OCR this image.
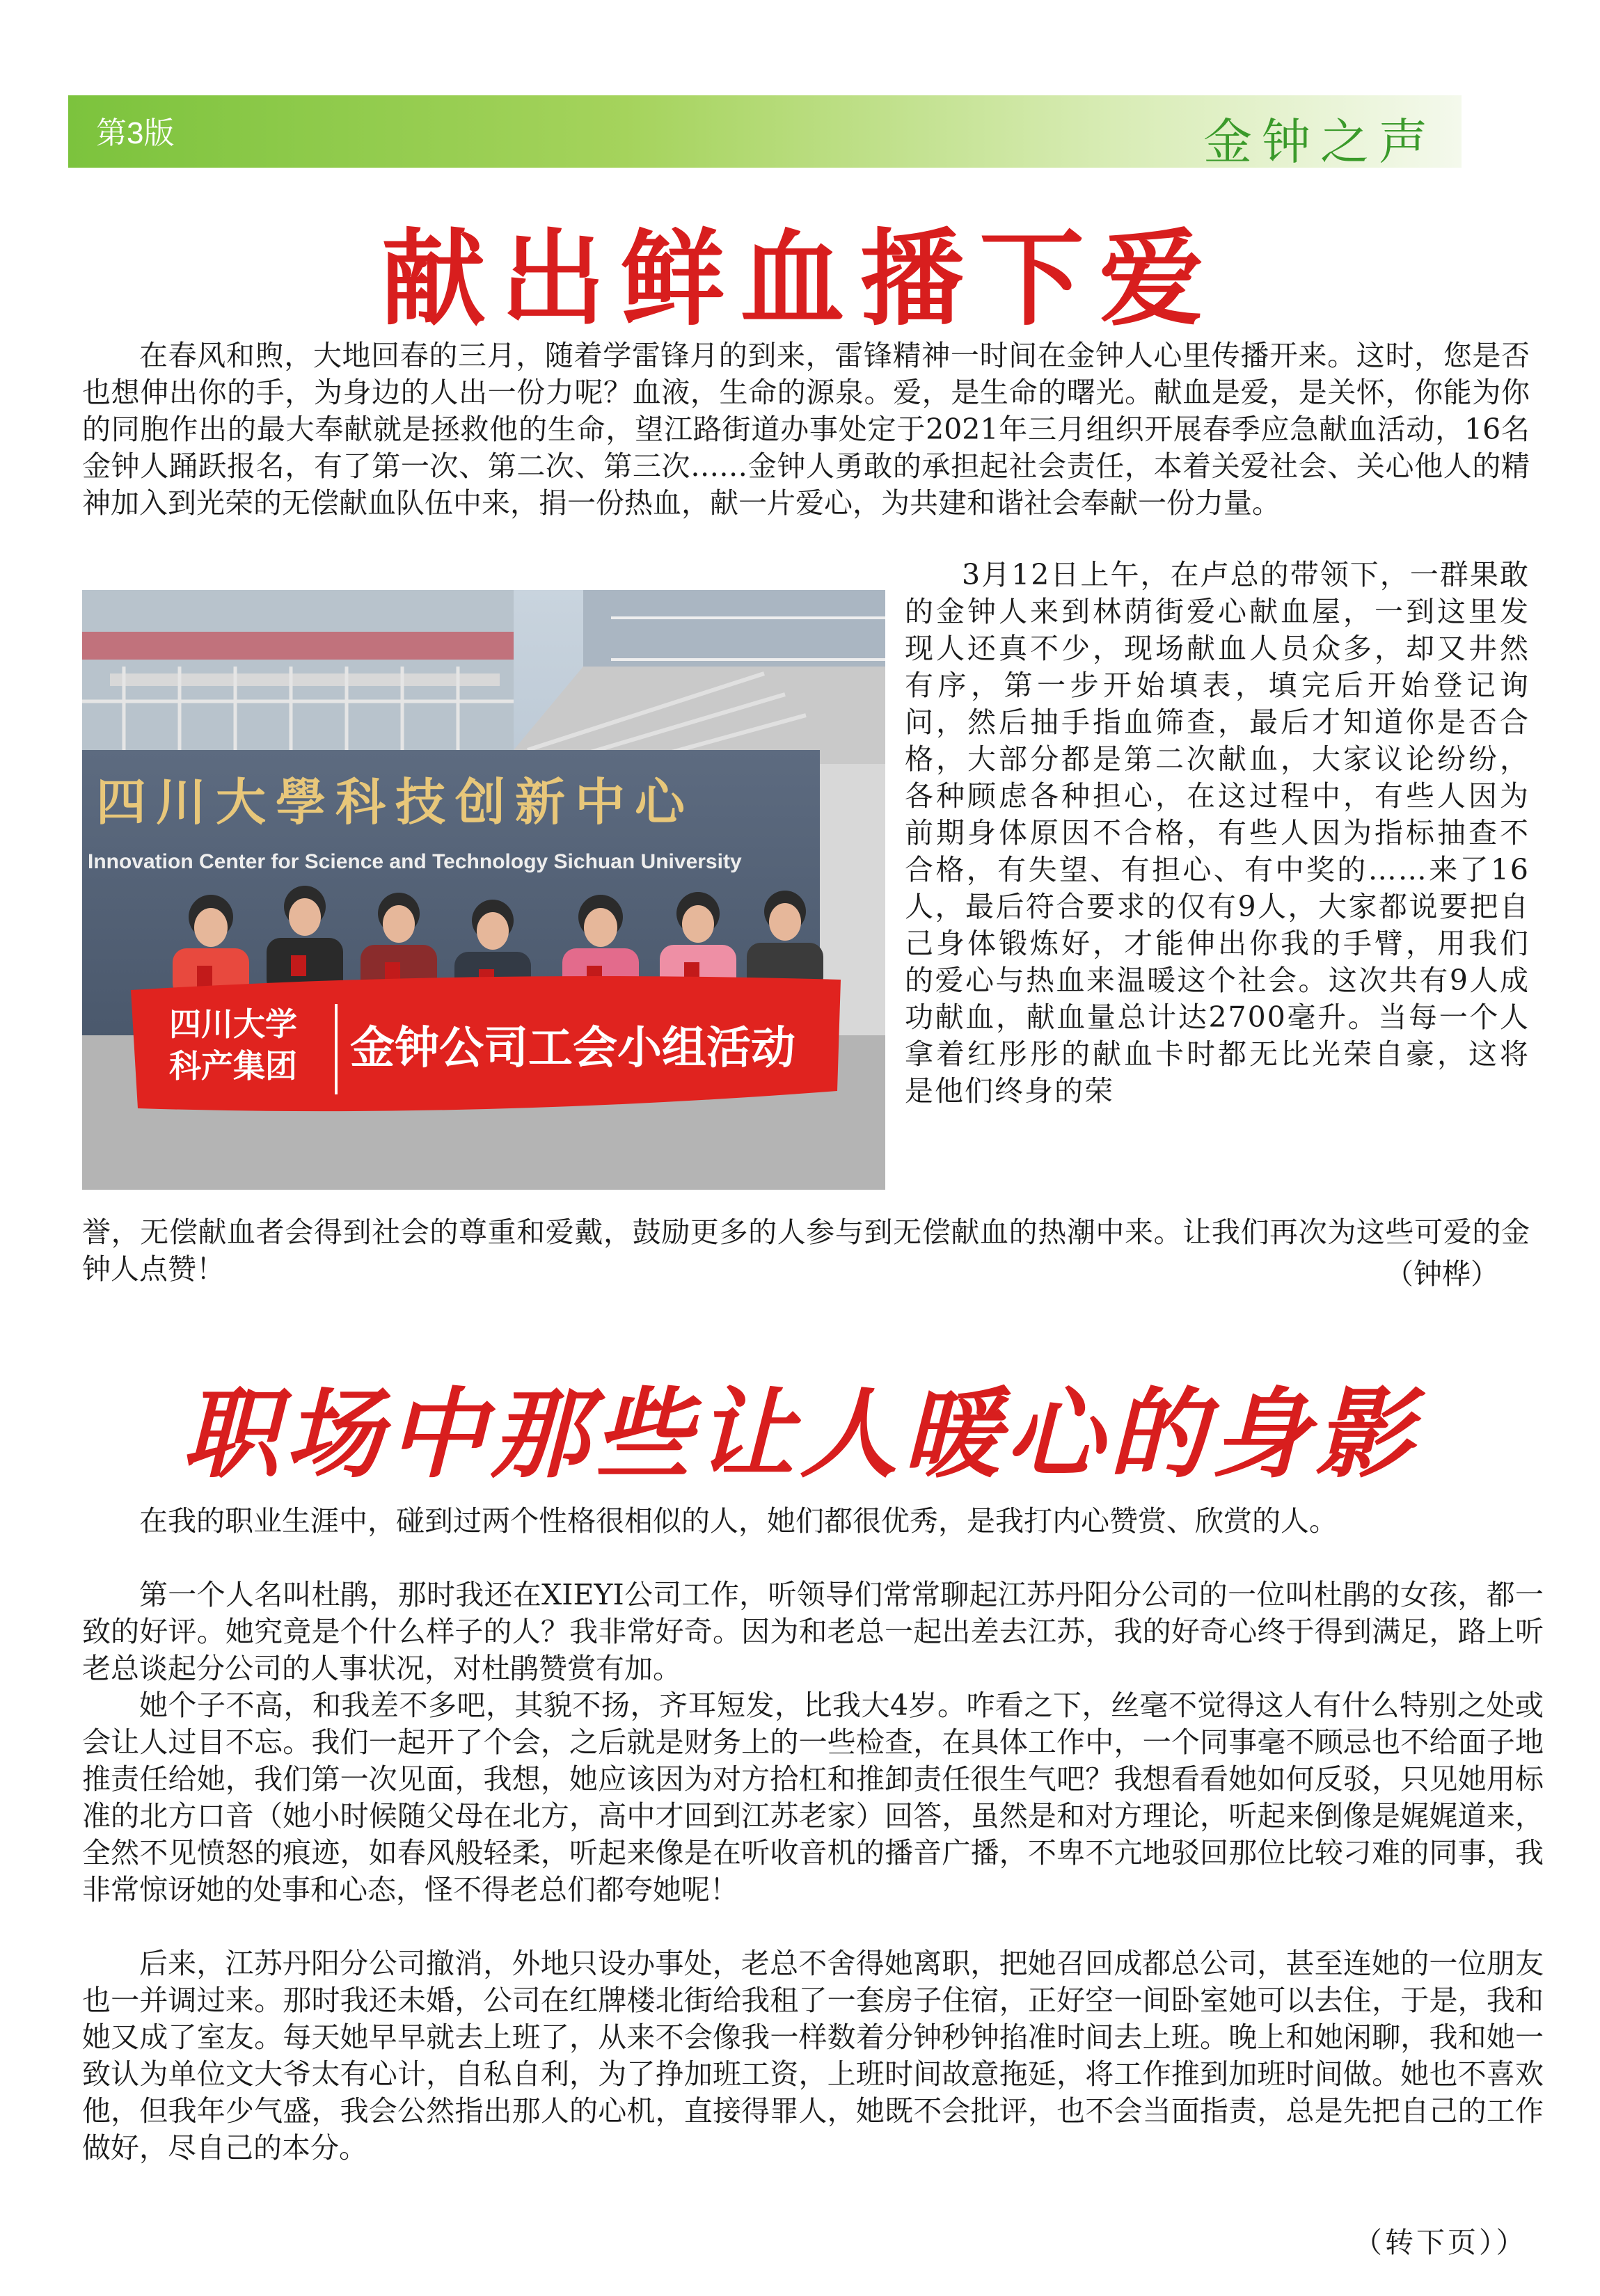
第3版	金钟之声
献出鲜血播下爱

在春风和煦，大地回春的三月，随着学雷锋月的到来，雷锋精神一时间在金钟人心里传播开来。这时，您是否也想伸出你的手，为身边的人出一份力呢？血液，生命的源泉。爱，是生命的曙光。献血是爱，是关怀，你能为你的同胞作出的最大奉献就是拯救他的生命，望江路街道办事处定于2021年三月组织开展春季应急献血活动，16名金钟人踊跃报名，有了第一次、第二次、第三次……金钟人勇敢的承担起社会责任，本着关爱社会、关心他人的精神加入到光荣的无偿献血队伍中来，捐一份热血，献一片爱心，为共建和谐社会奉献一份力量。

四川大學科技创新中心
Innovation Center for Science and Technology Sichuan University
四川大学
科产集团 金钟公司工会小组活动

3月12日上午，在卢总的带领下，一群果敢的金钟人来到林荫街爱心献血屋，一到这里发现人还真不少，现场献血人员众多，却又井然有序，第一步开始填表，填完后开始登记询问，然后抽手指血筛查，最后才知道你是否合格，大部分都是第二次献血，大家议论纷纷，各种顾虑各种担心，在这过程中，有些人因为前期身体原因不合格，有些人因为指标抽查不合格，有失望、有担心、有中奖的……来了16人，最后符合要求的仅有9人，大家都说要把自己身体锻炼好，才能伸出你我的手臂，用我们的爱心与热血来温暖这个社会。这次共有9人成功献血，献血量总计达2700毫升。当每一个人拿着红彤彤的献血卡时都无比光荣自豪，这将是他们终身的荣

誉，无偿献血者会得到社会的尊重和爱戴，鼓励更多的人参与到无偿献血的热潮中来。让我们再次为这些可爱的金钟人点赞！	（钟桦）
职场中那些让人暖心的身影

在我的职业生涯中，碰到过两个性格很相似的人，她们都很优秀，是我打内心赞赏、欣赏的人。

第一个人名叫杜鹃，那时我还在XIEYI公司工作，听领导们常常聊起江苏丹阳分公司的一位叫杜鹃的女孩，都一致的好评。她究竟是个什么样子的人？我非常好奇。因为和老总一起出差去江苏，我的好奇心终于得到满足，路上听老总谈起分公司的人事状况，对杜鹃赞赏有加。

她个子不高，和我差不多吧，其貌不扬，齐耳短发，比我大4岁。咋看之下，丝毫不觉得这人有什么特别之处或会让人过目不忘。我们一起开了个会，之后就是财务上的一些检查，在具体工作中，一个同事毫不顾忌也不给面子地推责任给她，我们第一次见面，我想，她应该因为对方拾杠和推卸责任很生气吧？我想看看她如何反驳，只见她用标准的北方口音（她小时候随父母在北方，高中才回到江苏老家）回答，虽然是和对方理论，听起来倒像是娓娓道来，全然不见愤怒的痕迹，如春风般轻柔，听起来像是在听收音机的播音广播，不卑不亢地驳回那位比较刁难的同事，我非常惊讶她的处事和心态，怪不得老总们都夸她呢！

后来，江苏丹阳分公司撤消，外地只设办事处，老总不舍得她离职，把她召回成都总公司，甚至连她的一位朋友也一并调过来。那时我还未婚，公司在红牌楼北街给我租了一套房子住宿，正好空一间卧室她可以去住，于是，我和她又成了室友。每天她早早就去上班了，从来不会像我一样数着分钟秒钟掐准时间去上班。晚上和她闲聊，我和她一致认为单位文大爷太有心计，自私自利，为了挣加班工资，上班时间故意拖延，将工作推到加班时间做。她也不喜欢他，但我年少气盛，我会公然指出那人的心机，直接得罪人，她既不会批评，也不会当面指责，总是先把自己的工作做好，尽自己的本分。

（转下页））
